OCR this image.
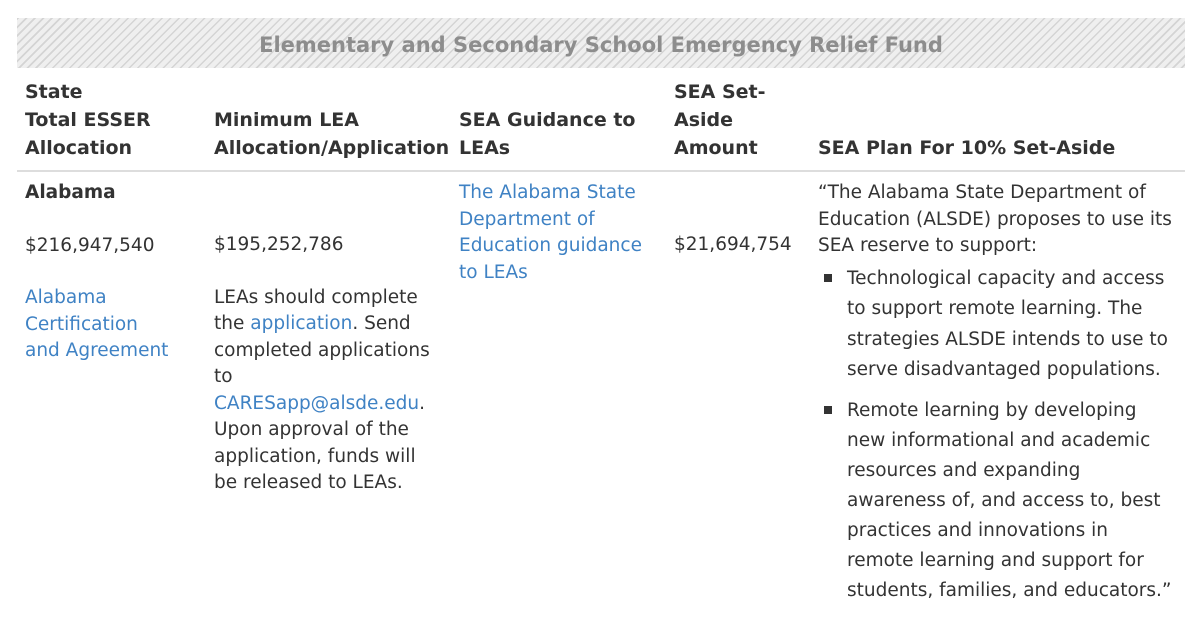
Elementary and Secondary School Emergency Relief Fund
State
Total ESSER
Allocation
Minimum LEA
Allocation/Application
SEA Guidance to
LEAs
SEA Set-
Aside
Amount	SEA Plan For 10% Set-Aside
Alabama
$216,947,540
Alabama
Certification
and Agreement
$195,252,786
LEAs should complete
the application. Send
completed applications
to
CARESapp@alsde.edu.
Upon approval of the
application, funds will
be released to LEAs.
The Alabama State
Department of
Education guidance
to LEAs
$21,694,754
“The Alabama State Department of
Education (ALSDE) proposes to use its
SEA reserve to support:
Technological capacity and access
to support remote learning. The
strategies ALSDE intends to use to
serve disadvantaged populations.
Remote learning by developing
new informational and academic
resources and expanding
awareness of, and access to, best
practices and innovations in
remote learning and support for
students, families, and educators.”
